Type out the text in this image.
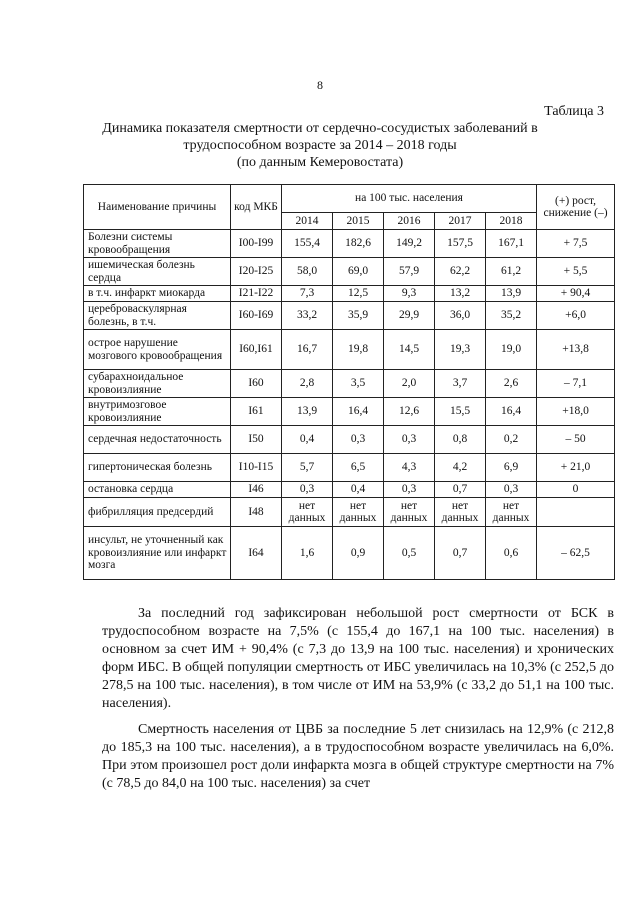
8
Таблица 3
Динамика показателя смертности от сердечно-сосудистых заболеваний в
трудоспособном возрасте за 2014 – 2018 годы
(по данным Кемеровостата)
Наименование причины	код МКБ	на 100 тыс. населения					(+) рост, снижение (–)
		2014	2015	2016	2017	2018	
Болезни системы кровообращения	I00-I99	155,4	182,6	149,2	157,5	167,1	+ 7,5
ишемическая болезнь сердца	I20-I25	58,0	69,0	57,9	62,2	61,2	+ 5,5
в т.ч. инфаркт миокарда	I21-I22	7,3	12,5	9,3	13,2	13,9	+ 90,4
цереброваскулярная болезнь, в т.ч.	I60-I69	33,2	35,9	29,9	36,0	35,2	+6,0
острое нарушение мозгового кровообращения	I60,I61	16,7	19,8	14,5	19,3	19,0	+13,8
субарахноидальное кровоизлияние	I60	2,8	3,5	2,0	3,7	2,6	– 7,1
внутримозговое кровоизлияние	I61	13,9	16,4	12,6	15,5	16,4	+18,0
сердечная недостаточность	I50	0,4	0,3	0,3	0,8	0,2	– 50
гипертоническая болезнь	I10-I15	5,7	6,5	4,3	4,2	6,9	+ 21,0
остановка сердца	I46	0,3	0,4	0,3	0,7	0,3	0
фибрилляция предсердий	I48	нет данных	нет данных	нет данных	нет данных	нет данных	
инсульт, не уточненный как кровоизлияние или инфаркт мозга	I64	1,6	0,9	0,5	0,7	0,6	– 62,5

За последний год зафиксирован небольшой рост смертности от БСК в трудоспособном возрасте на 7,5% (с 155,4 до 167,1 на 100 тыс. населения) в основном за счет ИМ + 90,4% (с 7,3 до 13,9 на 100 тыс. населения) и хронических форм ИБС. В общей популяции смертность от ИБС увеличилась на 10,3% (с 252,5 до 278,5 на 100 тыс. населения), в том числе от ИМ на 53,9% (с 33,2 до 51,1 на 100 тыс. населения).

Смертность населения от ЦВБ за последние 5 лет снизилась на 12,9% (с 212,8 до 185,3 на 100 тыс. населения), а в трудоспособном возрасте увеличилась на 6,0%. При этом произошел рост доли инфаркта мозга в общей структуре смертности на 7% (с 78,5 до 84,0 на 100 тыс. населения) за счет
